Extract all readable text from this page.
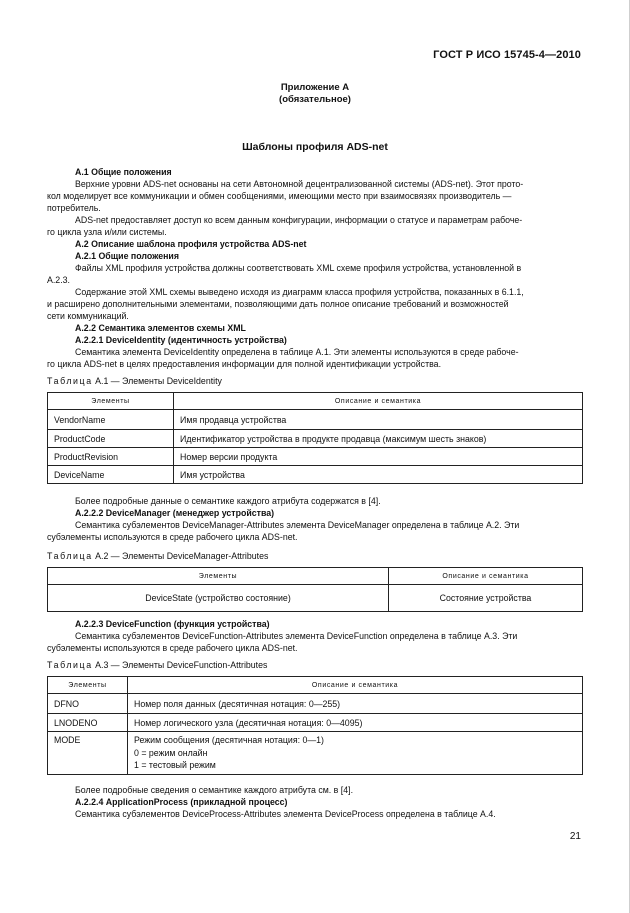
ГОСТ Р ИСО 15745-4—2010
Приложение А
(обязательное)
Шаблоны профиля ADS-net
А.1 Общие положения
Верхние уровни ADS-net основаны на сети Автономной децентрализованной системы (ADS-net). Этот прото-
кол моделирует все коммуникации и обмен сообщениями, имеющими место при взаимосвязях производитель —
потребитель.
ADS-net предоставляет доступ ко всем данным конфигурации, информации о статусе и параметрам рабоче-
го цикла узла и/или системы.
А.2 Описание шаблона профиля устройства ADS-net
А.2.1 Общие положения
Файлы XML профиля устройства должны соответствовать XML схеме профиля устройства, установленной в
А.2.3.
Содержание этой XML схемы выведено исходя из диаграмм класса профиля устройства, показанных в 6.1.1,
и расширено дополнительными элементами, позволяющими дать полное описание требований и возможностей
сети коммуникаций.
А.2.2 Семантика элементов схемы XML
А.2.2.1 DeviceIdentity (идентичность устройства)
Семантика элемента DeviceIdentity определена в таблице А.1. Эти элементы используются в среде рабоче-
го цикла ADS-net в целях предоставления информации для полной идентификации устройства.
Таблица А.1 — Элементы DeviceIdentity
Элементы	Описание и семантика
VendorName	Имя продавца устройства
ProductCode	Идентификатор устройства в продукте продавца (максимум шесть знаков)
ProductRevision	Номер версии продукта
DeviceName	Имя устройства
Более подробные данные о семантике каждого атрибута содержатся в [4].
А.2.2.2 DeviceManager (менеджер устройства)
Семантика субэлементов DeviceManager-Attributes элемента DeviceManager определена в таблице А.2. Эти
субэлементы используются в среде рабочего цикла ADS-net.
Таблица А.2 — Элементы DeviceManager-Attributes
Элементы	Описание и семантика
DeviceState (устройство состояние)	Состояние устройства
А.2.2.3 DeviceFunction (функция устройства)
Семантика субэлементов DeviceFunction-Attributes элемента DeviceFunction определена в таблице А.3. Эти
субэлементы используются в среде рабочего цикла ADS-net.
Таблица А.3 — Элементы DeviceFunction-Attributes
Элементы	Описание и семантика
DFNO	Номер поля данных (десятичная нотация: 0—255)
LNODENO	Номер логического узла (десятичная нотация: 0—4095)
MODE	Режим сообщения (десятичная нотация: 0—1)
0 = режим онлайн
1 = тестовый режим
Более подробные сведения о семантике каждого атрибута см. в [4].
А.2.2.4 ApplicationProcess (прикладной процесс)
Семантика субэлементов DeviceProcess-Attributes элемента DeviceProcess определена в таблице А.4.
21
